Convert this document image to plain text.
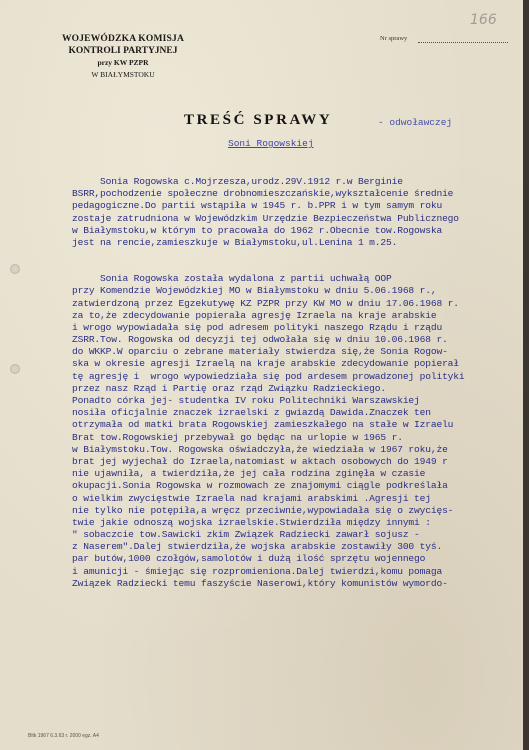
WOJEWÓDZKA KOMISJA
KONTROLI PARTYJNEJ
przy KW PZPR
W BIAŁYMSTOKU
Nr sprawy
166
TREŚĆ SPRAWY	- odwoławczej
Soni Rogowskiej
Sonia Rogowska c.Mojrzesza,urodz.29V.1912 r.w Berginie
BSRR,pochodzenie społeczne drobnomieszczańskie,wykształcenie średnie
pedagogiczne.Do partii wstąpiła w 1945 r. b.PPR i w tym samym roku
zostaje zatrudniona w Wojewódzkim Urzędzie Bezpieczeństwa Publicznego
w Białymstoku,w którym to pracowała do 1962 r.Obecnie tow.Rogowska
jest na rencie,zamieszkuje w Białymstoku,ul.Lenina 1 m.25.
Sonia Rogowska została wydalona z partii uchwałą OOP
przy Komendzie Wojewódzkiej MO w Białymstoku w dniu 5.06.1968 r.,
zatwierdzoną przez Egzekutywę KZ PZPR przy KW MO w dniu 17.06.1968 r.
za to,że zdecydowanie popierała agresję Izraela na kraje arabskie
i wrogo wypowiadała się pod adresem polityki naszego Rządu i rządu
ZSRR.Tow. Rogowska od decyzji tej odwołała się w dniu 10.06.1968 r.
do WKKP.W oparciu o zebrane materiały stwierdza się,że Sonia Rogow-
ska w okresie agresji Izraelą na kraje arabskie zdecydowanie popierał
tę agresję i  wrogo wypowiedziała się pod ardesem prowadzonej polityki
przez nasz Rząd i Partię oraz rząd Związku Radzieckiego.
Ponadto córka jej- studentka IV roku Politechniki Warszawskiej
nosiła oficjalnie znaczek izraelski z gwiazdą Dawida.Znaczek ten
otrzymała od matki brata Rogowskiej zamieszkałego na stałe w Izraelu
Brat tow.Rogowskiej przebywał go będąc na urlopie w 1965 r.
w Białymstoku.Tow. Rogowska oświadczyła,że wiedziała w 1967 roku,że
brat jej wyjechał do Izraela,natomiast w aktach osobowych do 1949 r
nie ujawniła, a twierdziła,że jej cała rodzina zginęła w czasie
okupacji.Sonia Rogowska w rozmowach ze znajomymi ciągle podkreślała
o wielkim zwycięstwie Izraela nad krajami arabskimi .Agresji tej
nie tylko nie potępiła,a wręcz przeciwnie,wypowiadała się o zwycięs-
twie jakie odnoszą wojska izraelskie.Stwierdziła między innymi :
" sobaczcie tow.Sawicki zkim Związek Radziecki zawarł sojusz -
z Naserem".Dalej stwierdziła,że wojska arabskie zostawiły 300 tyś.
par butów,1000 czołgów,samolotów i dużą ilość sprzętu wojennego
i amunicji - śmiejąc się rozpromieniona.Dalej twierdzi,komu pomaga
Związek Radziecki temu faszyście Naserowi,który komunistów wymordo-
Bltk 1967 6.3.63 r. 2000 egz. A4
